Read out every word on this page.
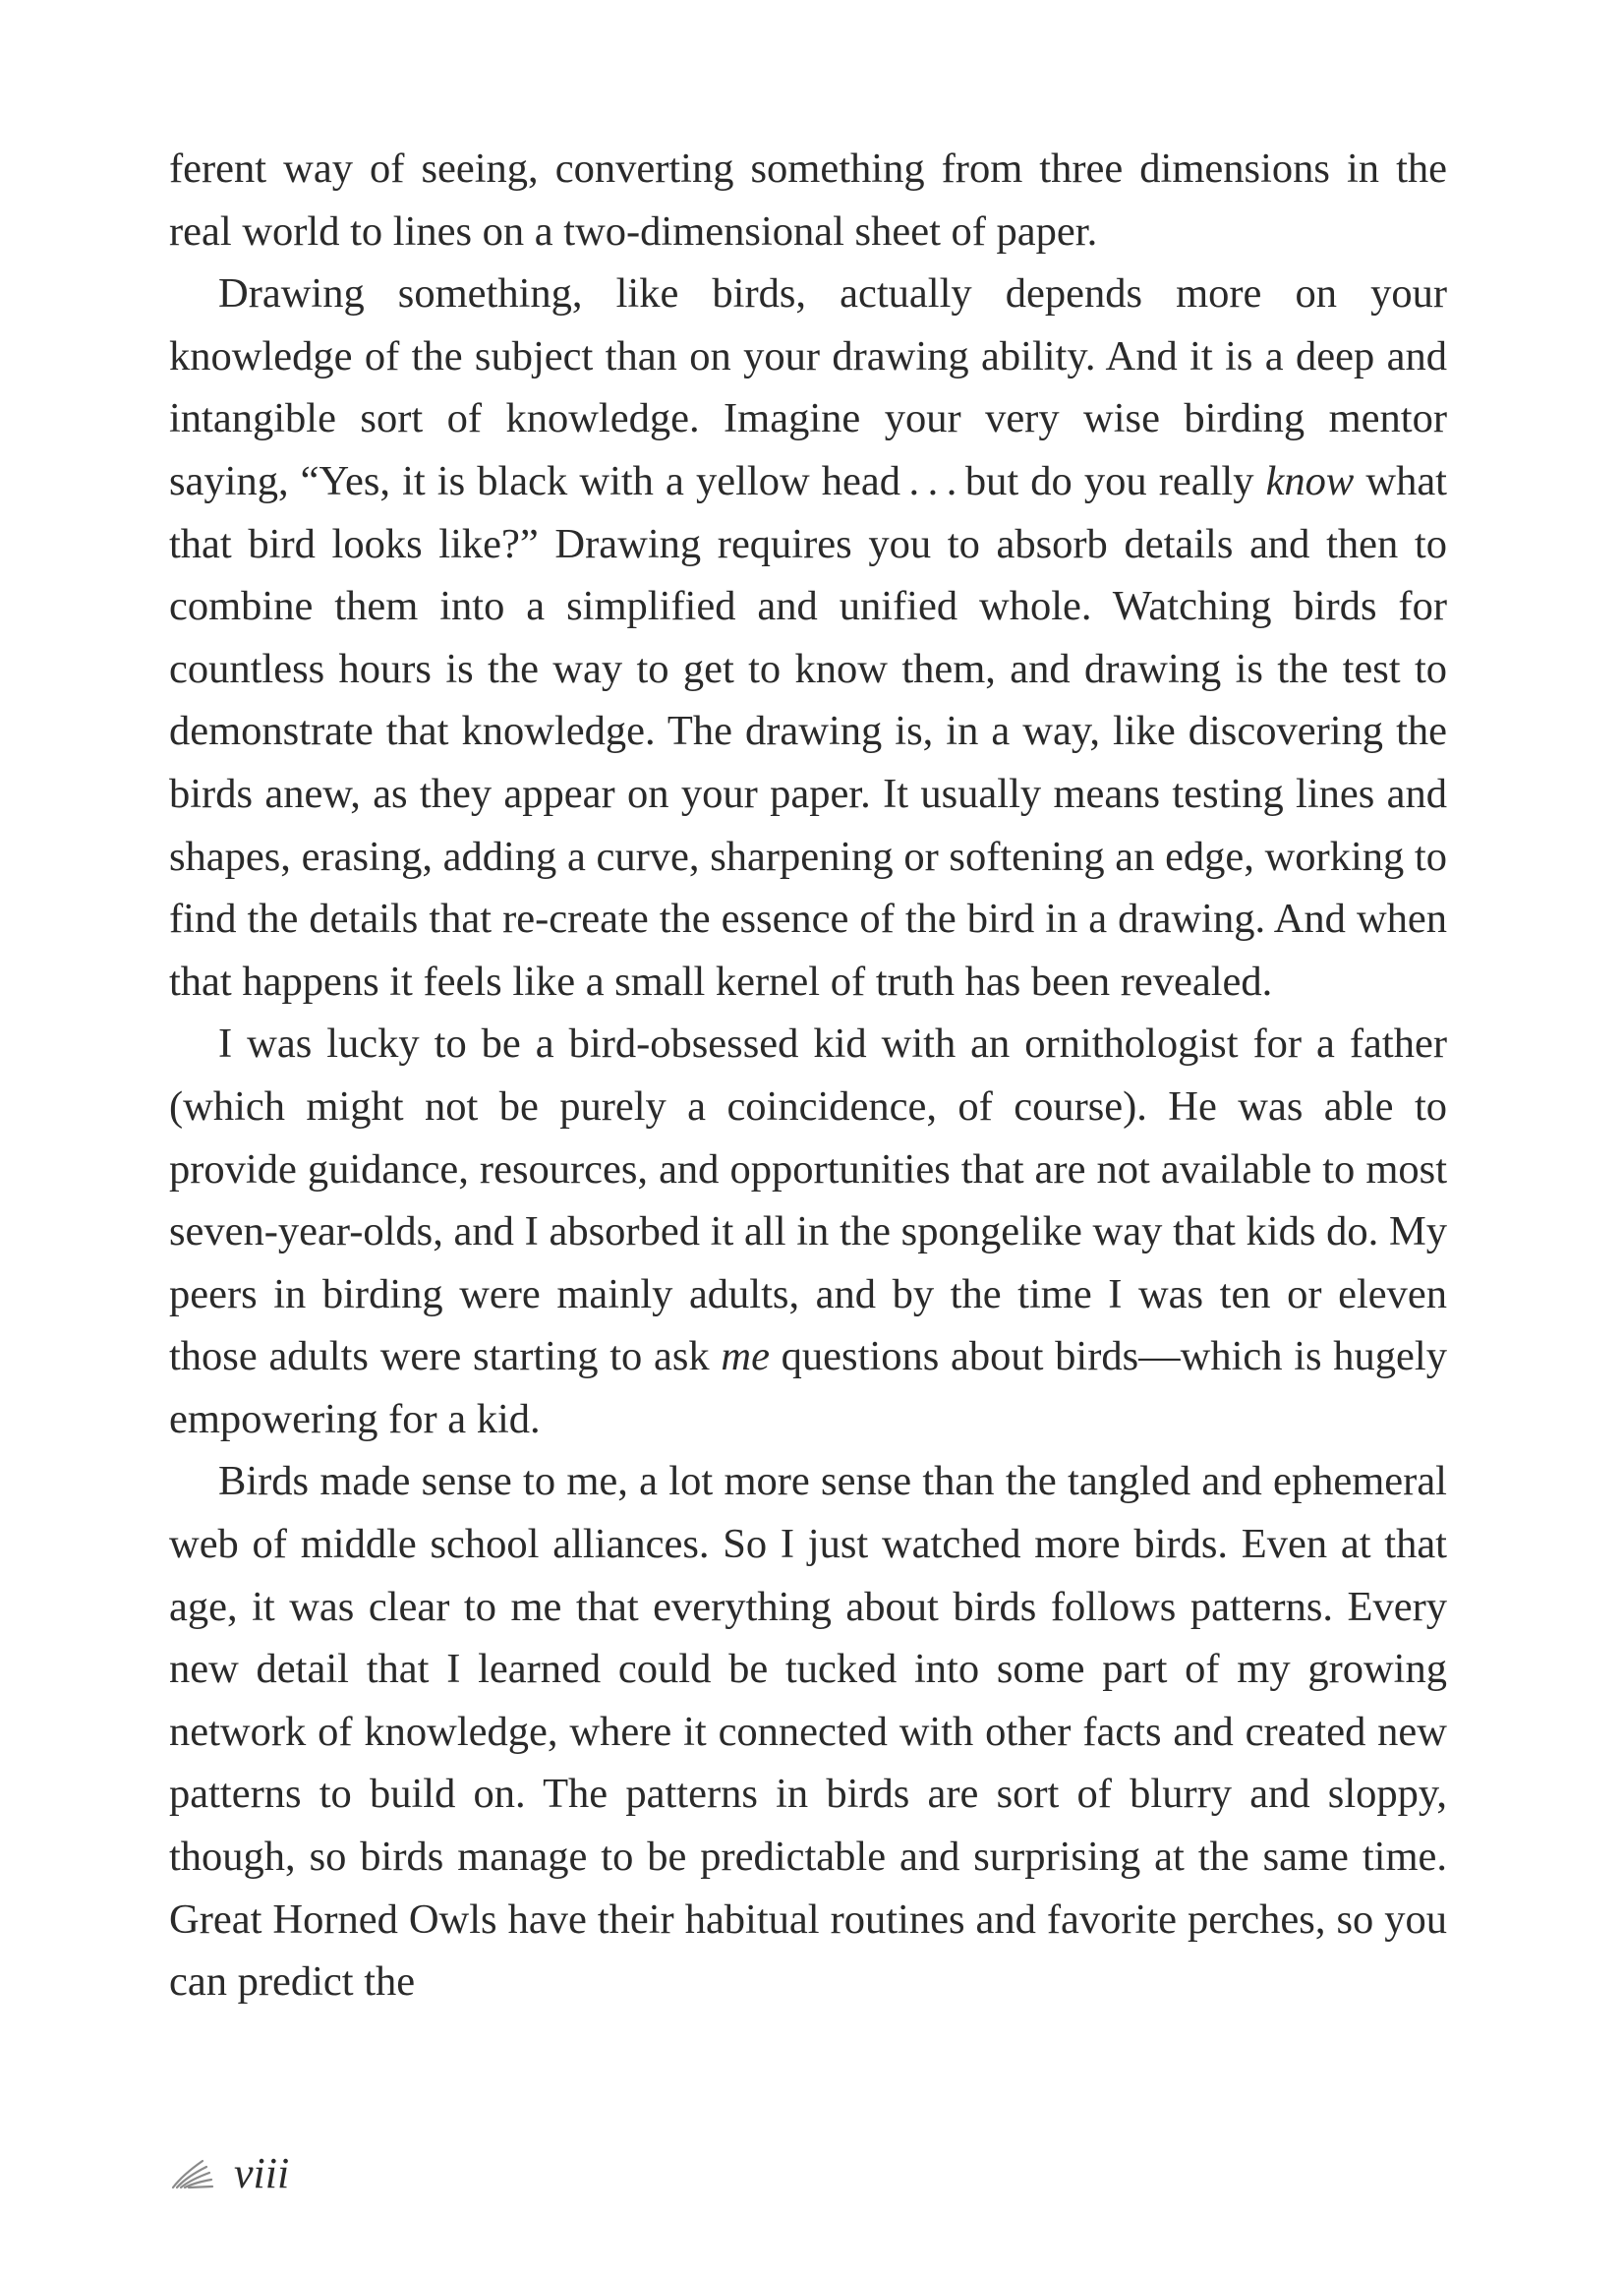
ferent way of seeing, converting something from three dimensions in the real world to lines on a two-dimensional sheet of paper.

Drawing something, like birds, actually depends more on your knowledge of the subject than on your drawing ability. And it is a deep and intangible sort of knowledge. Imagine your very wise birding mentor saying, “Yes, it is black with a yellow head . . . but do you really know what that bird looks like?” Drawing requires you to absorb details and then to combine them into a simplified and unified whole. Watching birds for countless hours is the way to get to know them, and drawing is the test to demonstrate that knowledge. The drawing is, in a way, like discovering the birds anew, as they appear on your paper. It usually means testing lines and shapes, erasing, adding a curve, sharpening or softening an edge, working to find the details that re-create the essence of the bird in a drawing. And when that happens it feels like a small kernel of truth has been revealed.

I was lucky to be a bird-obsessed kid with an ornithologist for a father (which might not be purely a coincidence, of course). He was able to provide guidance, resources, and opportunities that are not available to most seven-year-olds, and I absorbed it all in the spongelike way that kids do. My peers in birding were mainly adults, and by the time I was ten or eleven those adults were starting to ask me questions about birds—which is hugely empowering for a kid.

Birds made sense to me, a lot more sense than the tangled and ephemeral web of middle school alliances. So I just watched more birds. Even at that age, it was clear to me that everything about birds follows patterns. Every new detail that I learned could be tucked into some part of my growing network of knowledge, where it connected with other facts and created new patterns to build on. The patterns in birds are sort of blurry and sloppy, though, so birds manage to be predictable and surprising at the same time. Great Horned Owls have their habitual routines and favorite perches, so you can predict the

viii
